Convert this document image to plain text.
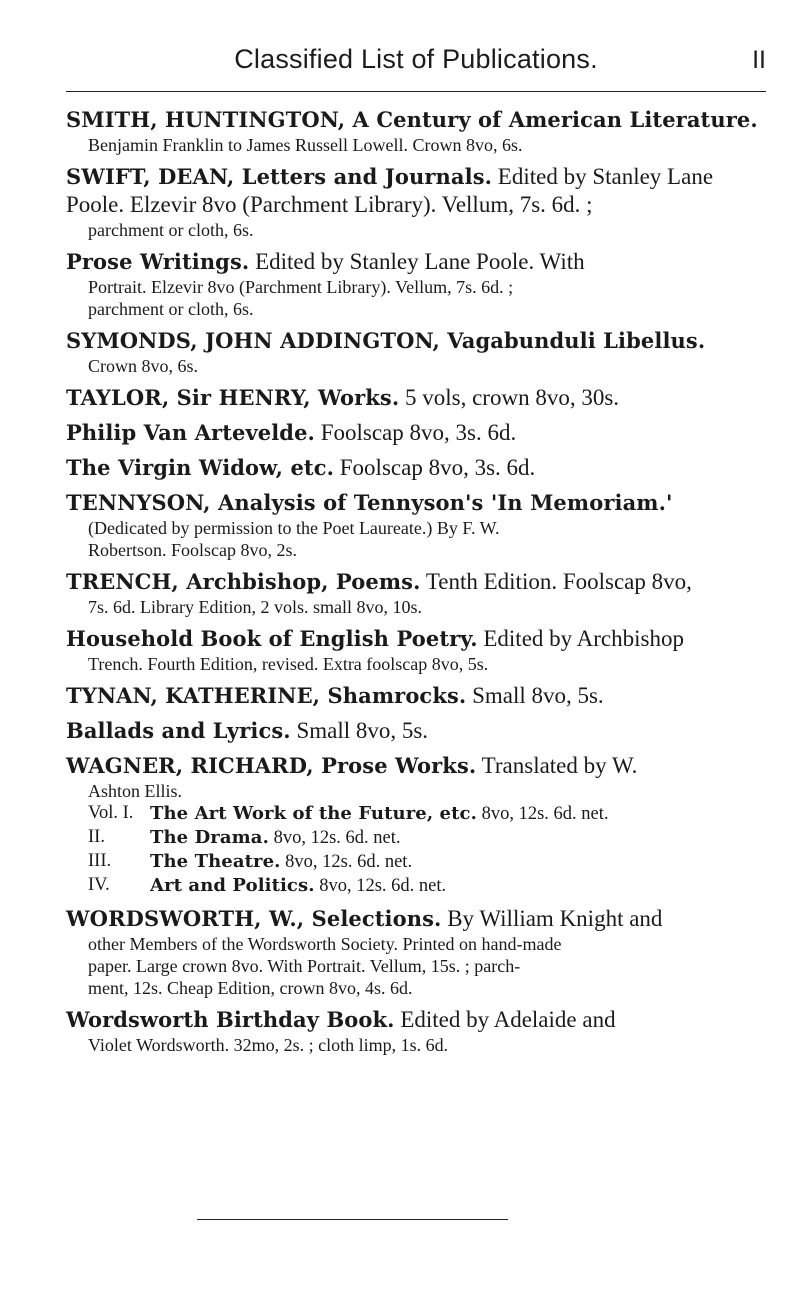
Classified List of Publications.	II
SMITH, HUNTINGTON, A Century of American Literature.
Benjamin Franklin to James Russell Lowell. Crown 8vo, 6s.
SWIFT, DEAN, Letters and Journals. Edited by Stanley Lane Poole. Elzevir 8vo (Parchment Library). Vellum, 7s. 6d. ;
parchment or cloth, 6s.
Prose Writings. Edited by Stanley Lane Poole. With
Portrait. Elzevir 8vo (Parchment Library). Vellum, 7s. 6d. ;
parchment or cloth, 6s.
SYMONDS, JOHN ADDINGTON, Vagabunduli Libellus.
Crown 8vo, 6s.
TAYLOR, Sir HENRY, Works. 5 vols, crown 8vo, 30s.
Philip Van Artevelde. Foolscap 8vo, 3s. 6d.
The Virgin Widow, etc. Foolscap 8vo, 3s. 6d.
TENNYSON, Analysis of Tennyson's 'In Memoriam.'
(Dedicated by permission to the Poet Laureate.) By F. W.
Robertson. Foolscap 8vo, 2s.
TRENCH, Archbishop, Poems. Tenth Edition. Foolscap 8vo,
7s. 6d. Library Edition, 2 vols. small 8vo, 10s.
Household Book of English Poetry. Edited by Archbishop
Trench. Fourth Edition, revised. Extra foolscap 8vo, 5s.
TYNAN, KATHERINE, Shamrocks. Small 8vo, 5s.
Ballads and Lyrics. Small 8vo, 5s.
WAGNER, RICHARD, Prose Works. Translated by W.
Ashton Ellis.
Vol. I. The Art Work of the Future, etc. 8vo, 12s. 6d. net.
II.	The Drama. 8vo, 12s. 6d. net.
III.	The Theatre. 8vo, 12s. 6d. net.
IV.	Art and Politics. 8vo, 12s. 6d. net.
WORDSWORTH, W., Selections. By William Knight and
other Members of the Wordsworth Society. Printed on hand-made
paper. Large crown 8vo. With Portrait. Vellum, 15s. ; parch-
ment, 12s. Cheap Edition, crown 8vo, 4s. 6d.
Wordsworth Birthday Book. Edited by Adelaide and
Violet Wordsworth. 32mo, 2s. ; cloth limp, 1s. 6d.
